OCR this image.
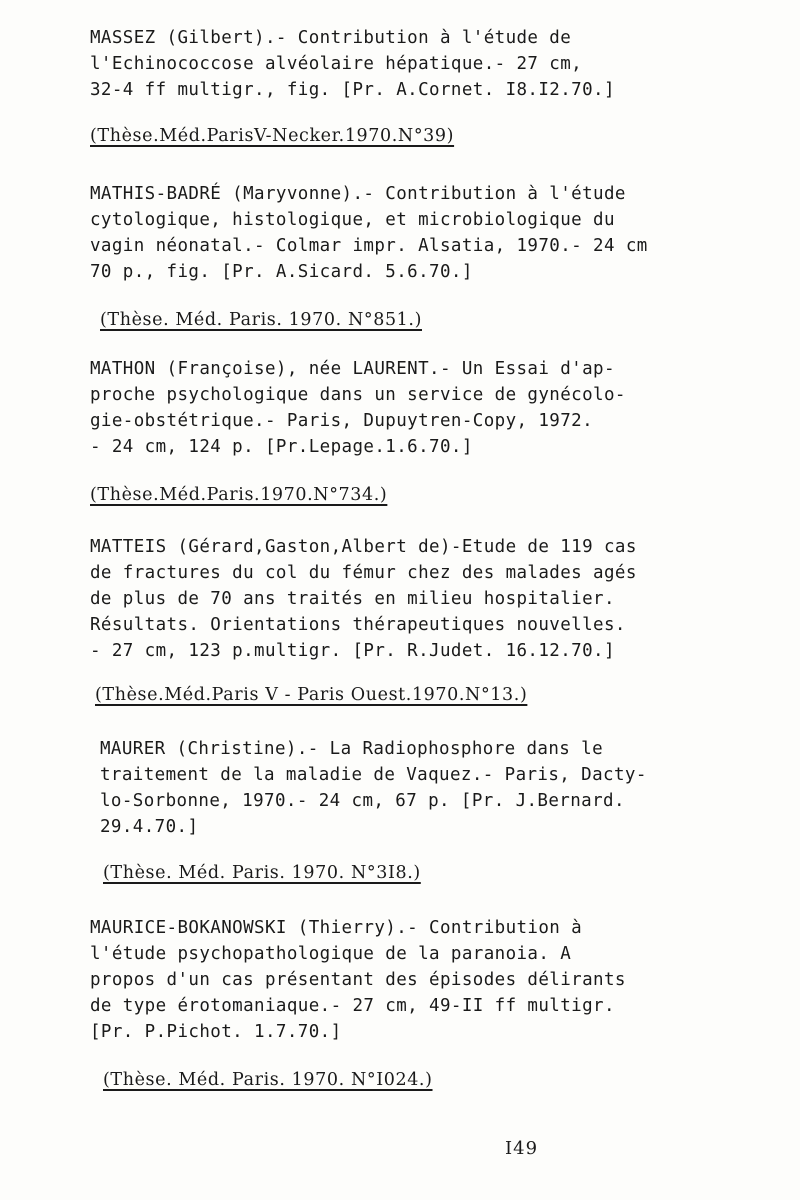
MASSEZ (Gilbert).- Contribution à l'étude de
l'Echinococcose alvéolaire hépatique.- 27 cm,
32-4 ff multigr., fig. [Pr. A.Cornet. I8.I2.70.]
(Thèse.Méd.ParisV-Necker.1970.N°39)
MATHIS-BADRÉ (Maryvonne).- Contribution à l'étude
cytologique, histologique, et microbiologique du
vagin néonatal.- Colmar impr. Alsatia, 1970.- 24 cm
70 p., fig. [Pr. A.Sicard. 5.6.70.]
(Thèse. Méd. Paris. 1970. N°851.)
MATHON (Françoise), née LAURENT.- Un Essai d'ap-
proche psychologique dans un service de gynécolo-
gie-obstétrique.- Paris, Dupuytren-Copy, 1972.
- 24 cm, 124 p. [Pr.Lepage.1.6.70.]
(Thèse.Méd.Paris.1970.N°734.)
MATTEIS (Gérard,Gaston,Albert de)-Etude de 119 cas
de fractures du col du fémur chez des malades agés
de plus de 70 ans traités en milieu hospitalier.
Résultats. Orientations thérapeutiques nouvelles.
- 27 cm, 123 p.multigr. [Pr. R.Judet. 16.12.70.]
(Thèse.Méd.Paris V - Paris Ouest.1970.N°13.)
MAURER (Christine).- La Radiophosphore dans le
traitement de la maladie de Vaquez.- Paris, Dacty-
lo-Sorbonne, 1970.- 24 cm, 67 p. [Pr. J.Bernard.
29.4.70.]
(Thèse. Méd. Paris. 1970. N°3I8.)
MAURICE-BOKANOWSKI (Thierry).- Contribution à
l'étude psychopathologique de la paranoia. A
propos d'un cas présentant des épisodes délirants
de type érotomaniaque.- 27 cm, 49-II ff multigr.
[Pr. P.Pichot. 1.7.70.]
(Thèse. Méd. Paris. 1970. N°I024.)
I49
